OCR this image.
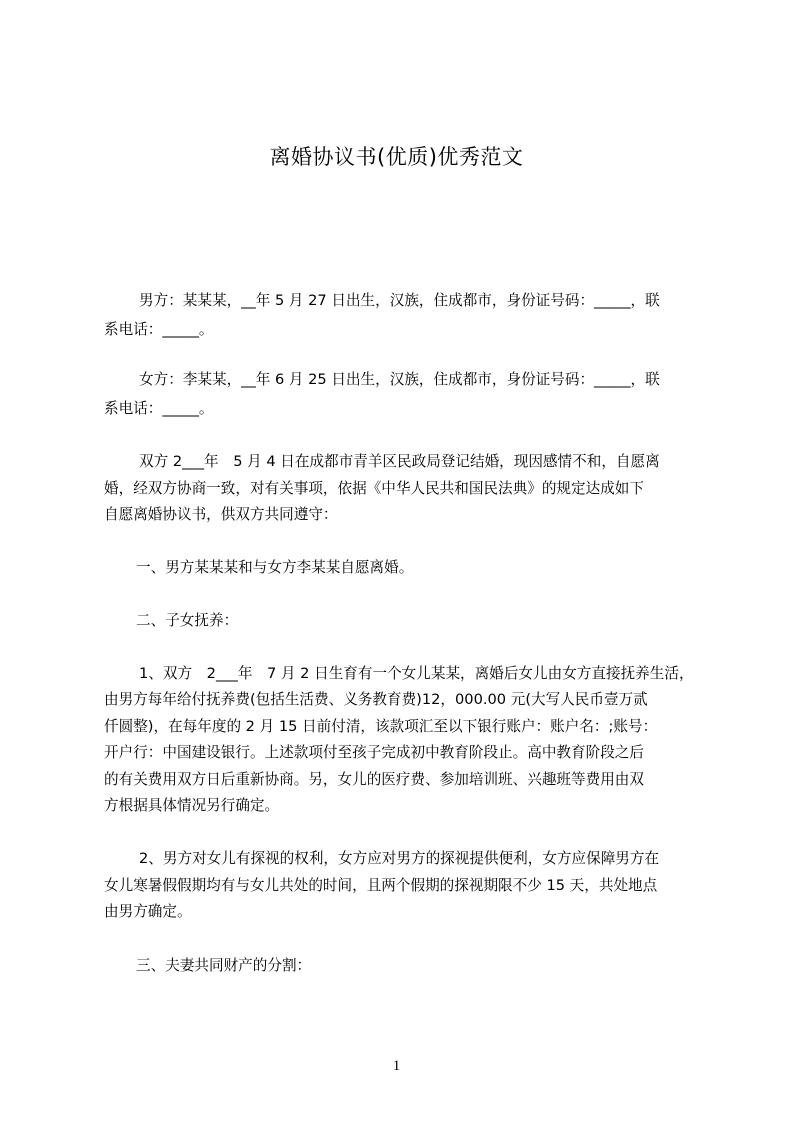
离婚协议书(优质)优秀范文
男方：某某某，__年 5 月 27 日出生，汉族，住成都市，身份证号码：_____，联
系电话：_____。
女方：李某某，__年 6 月 25 日出生，汉族，住成都市，身份证号码：_____，联
系电话：_____。
双方 2___年　5 月 4 日在成都市青羊区民政局登记结婚，现因感情不和，自愿离
婚，经双方协商一致，对有关事项，依据《中华人民共和国民法典》的规定达成如下
自愿离婚协议书，供双方共同遵守：
一、男方某某某和与女方李某某自愿离婚。
二、子女抚养：
1、双方　2___年　7 月 2 日生育有一个女儿某某，离婚后女儿由女方直接抚养生活，
由男方每年给付抚养费(包括生活费、义务教育费)12，000.00 元(大写人民币壹万贰
仟圆整)，在每年度的 2 月 15 日前付清，该款项汇至以下银行账户：账户名：;账号：
开户行：中国建设银行。上述款项付至孩子完成初中教育阶段止。高中教育阶段之后
的有关费用双方日后重新协商。另，女儿的医疗费、参加培训班、兴趣班等费用由双
方根据具体情况另行确定。
2、男方对女儿有探视的权利，女方应对男方的探视提供便利，女方应保障男方在
女儿寒暑假假期均有与女儿共处的时间，且两个假期的探视期限不少 15 天，共处地点
由男方确定。
三、夫妻共同财产的分割：
1
